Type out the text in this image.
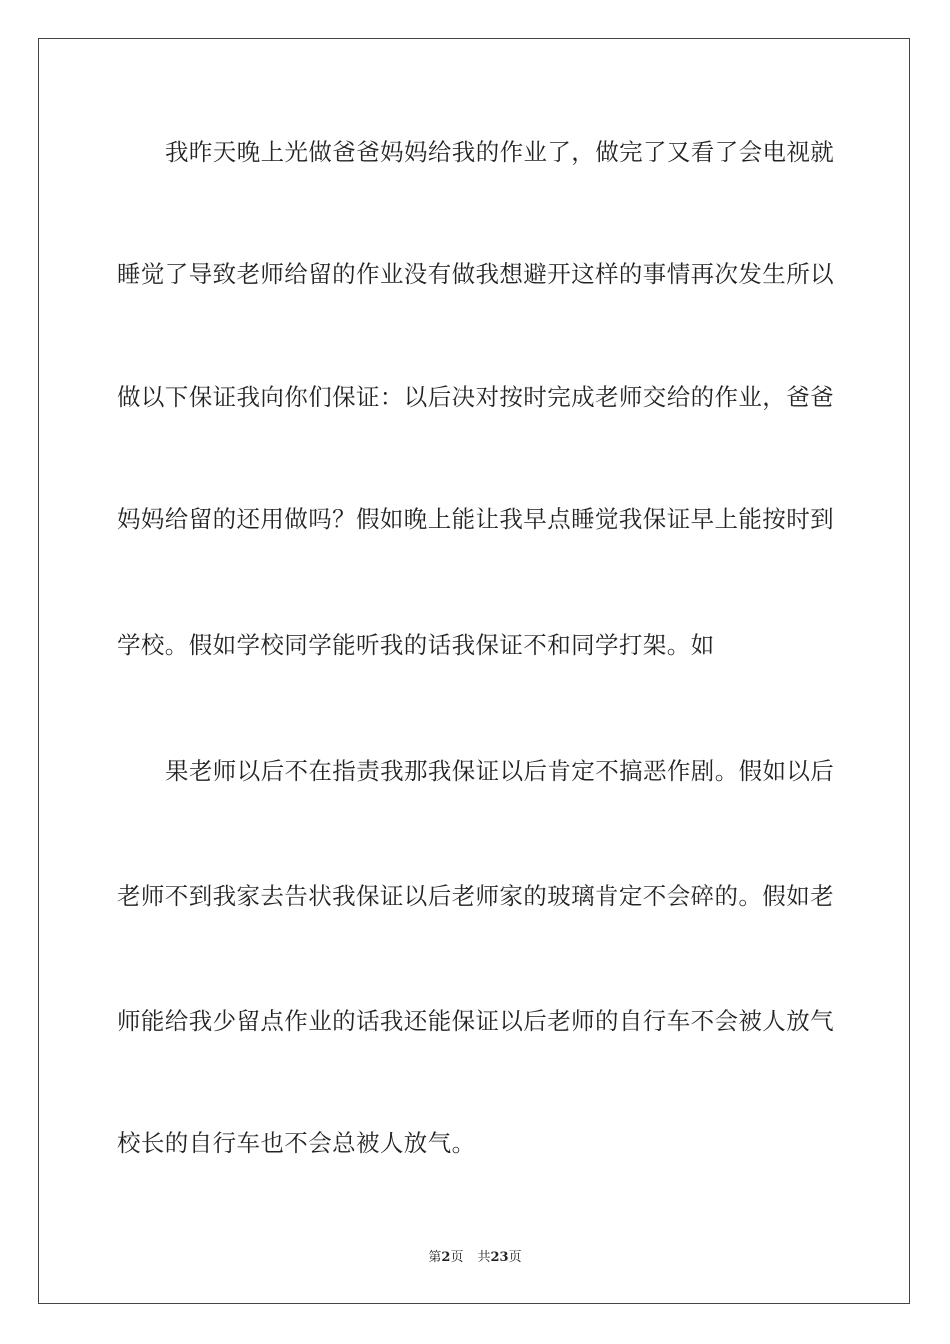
我昨天晚上光做爸爸妈妈给我的作业了，做完了又看了会电视就
睡觉了导致老师给留的作业没有做我想避开这样的事情再次发生所以
做以下保证我向你们保证：以后决对按时完成老师交给的作业，爸爸
妈妈给留的还用做吗？假如晚上能让我早点睡觉我保证早上能按时到
学校。假如学校同学能听我的话我保证不和同学打架。如
果老师以后不在指责我那我保证以后肯定不搞恶作剧。假如以后
老师不到我家去告状我保证以后老师家的玻璃肯定不会碎的。假如老
师能给我少留点作业的话我还能保证以后老师的自行车不会被人放气
校长的自行车也不会总被人放气。
第2页 共23页
